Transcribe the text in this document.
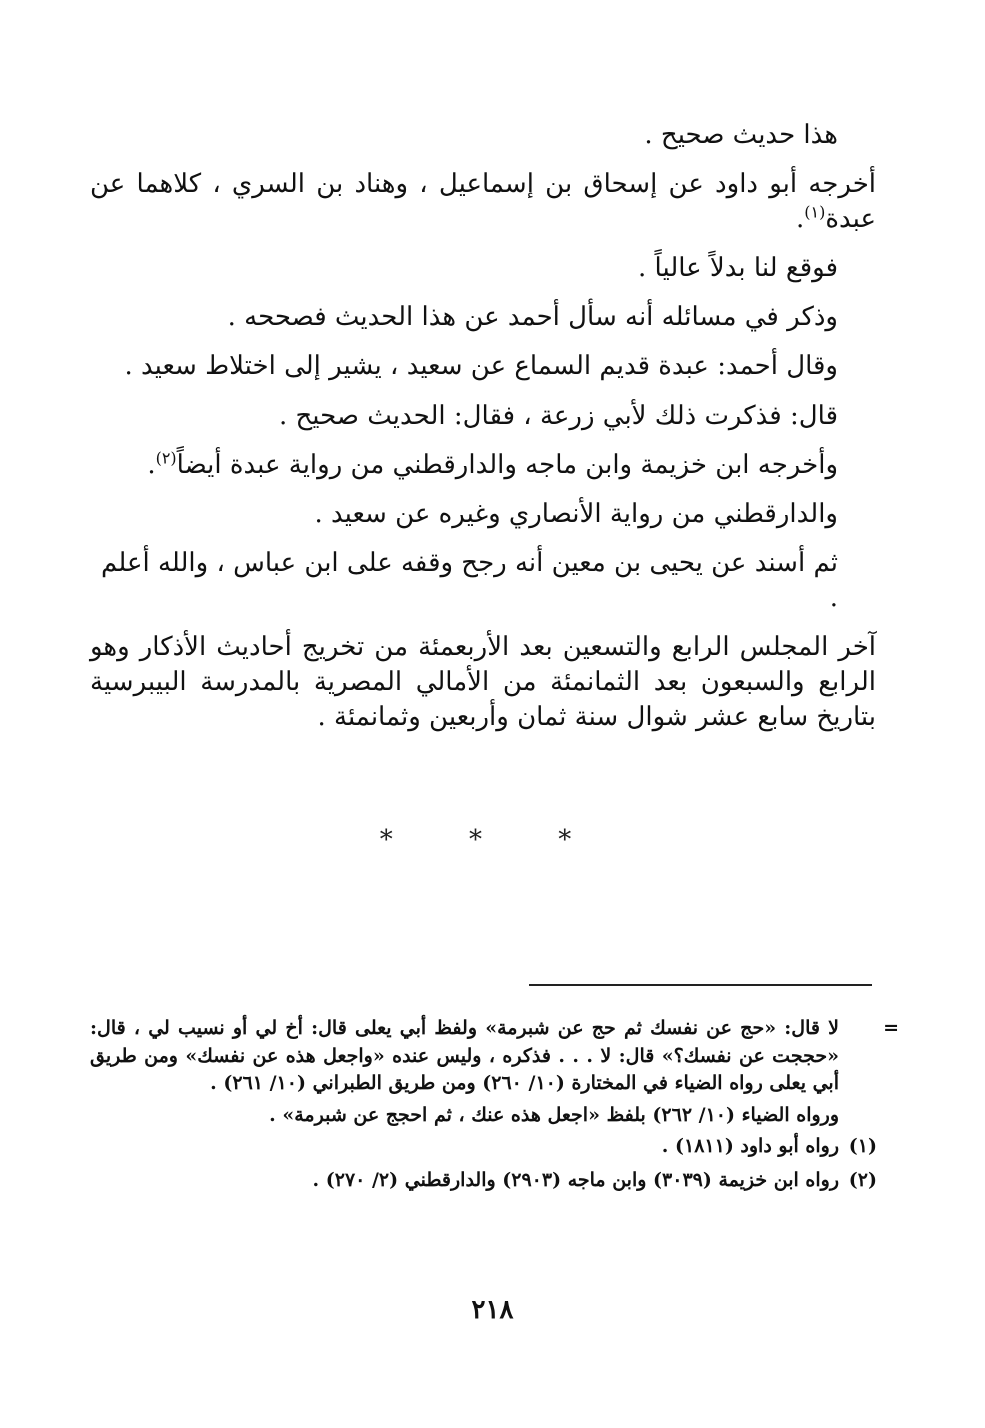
هذا حديث صحيح .

أخرجه أبو داود عن إسحاق بن إسماعيل ، وهناد بن السري ، كلاهما عن عبدة$^{(١)}$.

فوقع لنا بدلاً عالياً .

وذكر في مسائله أنه سأل أحمد عن هذا الحديث فصححه .

وقال أحمد: عبدة قديم السماع عن سعيد ، يشير إلى اختلاط سعيد .

قال: فذكرت ذلك لأبي زرعة ، فقال: الحديث صحيح .

وأخرجه ابن خزيمة وابن ماجه والدارقطني من رواية عبدة أيضاً$^{(٢)}$.

والدارقطني من رواية الأنصاري وغيره عن سعيد .

ثم أسند عن يحيى بن معين أنه رجح وقفه على ابن عباس ، والله أعلم .

آخر المجلس الرابع والتسعين بعد الأربعمئة من تخريج أحاديث الأذكار وهو الرابع والسبعون بعد الثمانمئة من الأمالي المصرية بالمدرسة البيبرسية بتاريخ سابع عشر شوال سنة ثمان وأربعين وثمانمئة .

* * *
=
لا قال: «حج عن نفسك ثم حج عن شبرمة» ولفظ أبي يعلى قال: أخ لي أو نسيب لي ، قال: «حججت عن نفسك؟» قال: لا . . . فذكره ، وليس عنده «واجعل هذه عن نفسك» ومن طريق أبي يعلى رواه الضياء في المختارة (١٠/ ٢٦٠) ومن طريق الطبراني (١٠/ ٢٦١) .
ورواه الضياء (١٠/ ٢٦٢) بلفظ «اجعل هذه عنك ، ثم احجج عن شبرمة» .
(١)
رواه أبو داود (١٨١١) .
(٢)
رواه ابن خزيمة (٣٠٣٩) وابن ماجه (٢٩٠٣) والدارقطني (٢/ ٢٧٠) .
٢١٨
